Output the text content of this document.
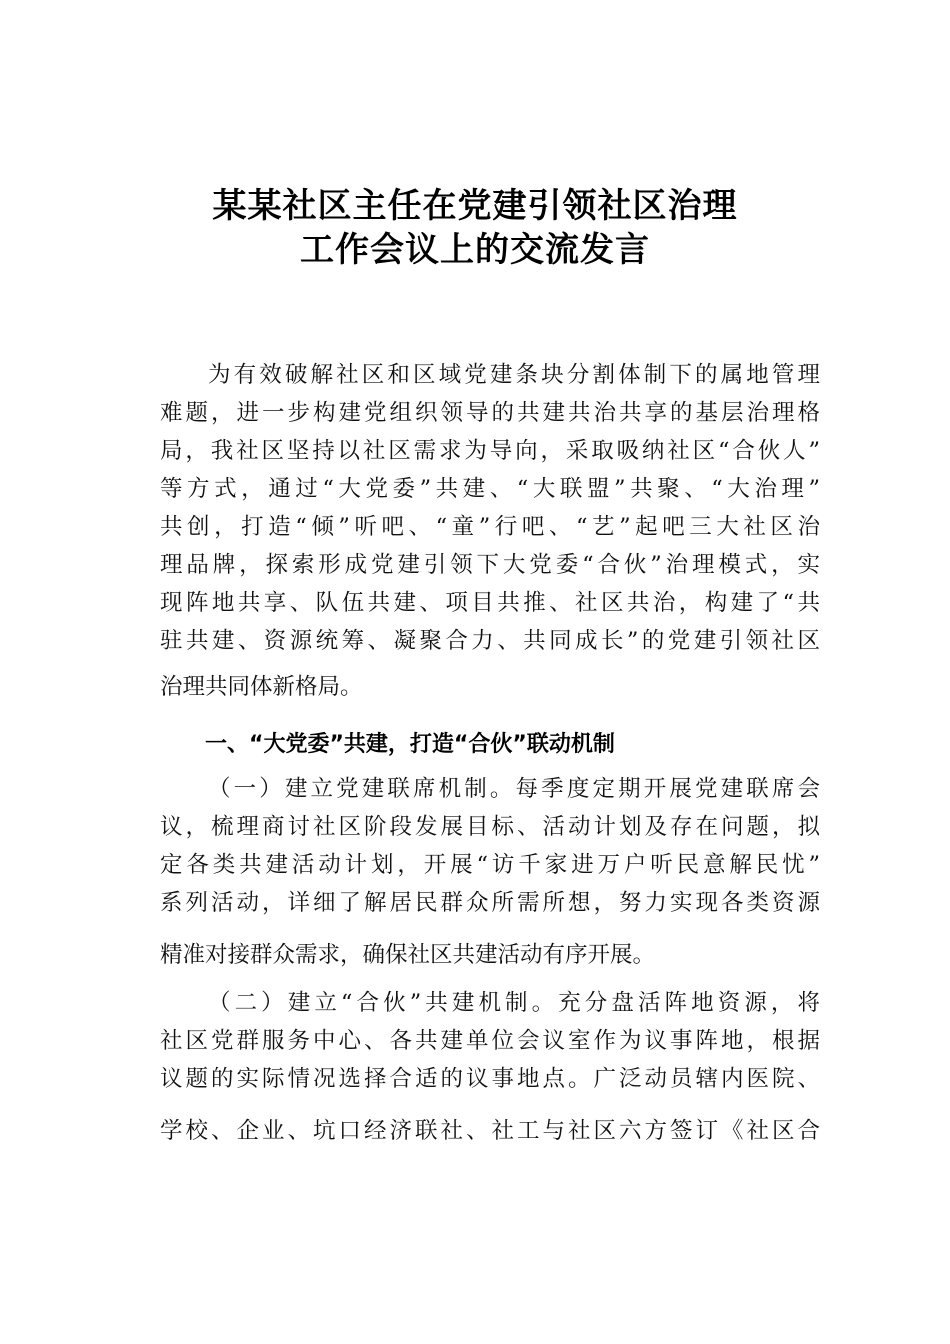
某某社区主任在党建引领社区治理
工作会议上的交流发言
为有效破解社区和区域党建条块分割体制下的属地管理
难题，进一步构建党组织领导的共建共治共享的基层治理格
局，我社区坚持以社区需求为导向，采取吸纳社区“合伙人”
等方式，通过“大党委”共建、“大联盟”共聚、“大治理”
共创，打造“倾”听吧、“童”行吧、“艺”起吧三大社区治
理品牌，探索形成党建引领下大党委“合伙”治理模式，实
现阵地共享、队伍共建、项目共推、社区共治，构建了“共
驻共建、资源统筹、凝聚合力、共同成长”的党建引领社区
治理共同体新格局。
一、“大党委”共建，打造“合伙”联动机制
（一）建立党建联席机制。每季度定期开展党建联席会
议，梳理商讨社区阶段发展目标、活动计划及存在问题，拟
定各类共建活动计划，开展“访千家进万户听民意解民忧”
系列活动，详细了解居民群众所需所想，努力实现各类资源
精准对接群众需求，确保社区共建活动有序开展。
（二）建立“合伙”共建机制。充分盘活阵地资源，将
社区党群服务中心、各共建单位会议室作为议事阵地，根据
议题的实际情况选择合适的议事地点。广泛动员辖内医院、
学校、企业、坑口经济联社、社工与社区六方签订《社区合
